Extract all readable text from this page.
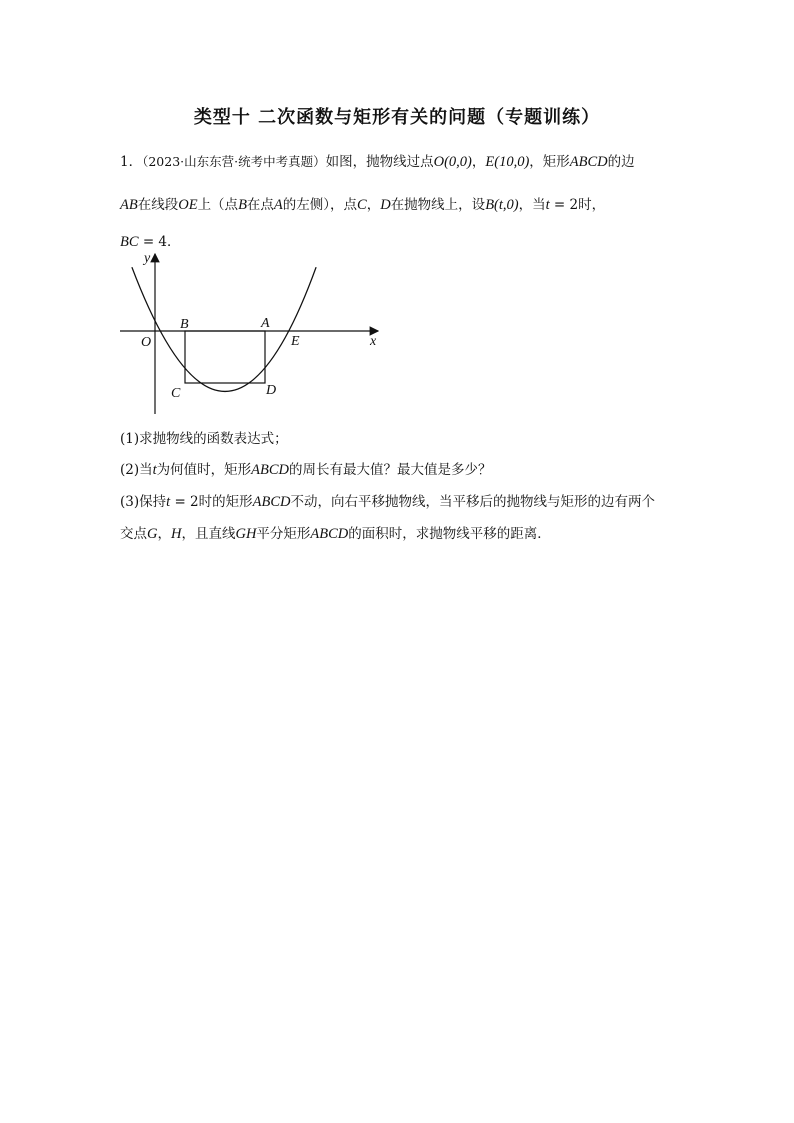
类型十 二次函数与矩形有关的问题（专题训练）
1．（2023·山东东营·统考中考真题）如图，抛物线过点O(0,0)，E(10,0)，矩形ABCD的边
AB在线段OE上（点B在点A的左侧），点C，D在抛物线上，设B(t,0)，当t = 2时，
BC = 4．
y
x
O
B	A
E
C	D
(1)求抛物线的函数表达式；
(2)当t为何值时，矩形ABCD的周长有最大值？最大值是多少？
(3)保持t = 2时的矩形ABCD不动，向右平移抛物线，当平移后的抛物线与矩形的边有两个
交点G，H，且直线GH平分矩形ABCD的面积时，求抛物线平移的距离．
